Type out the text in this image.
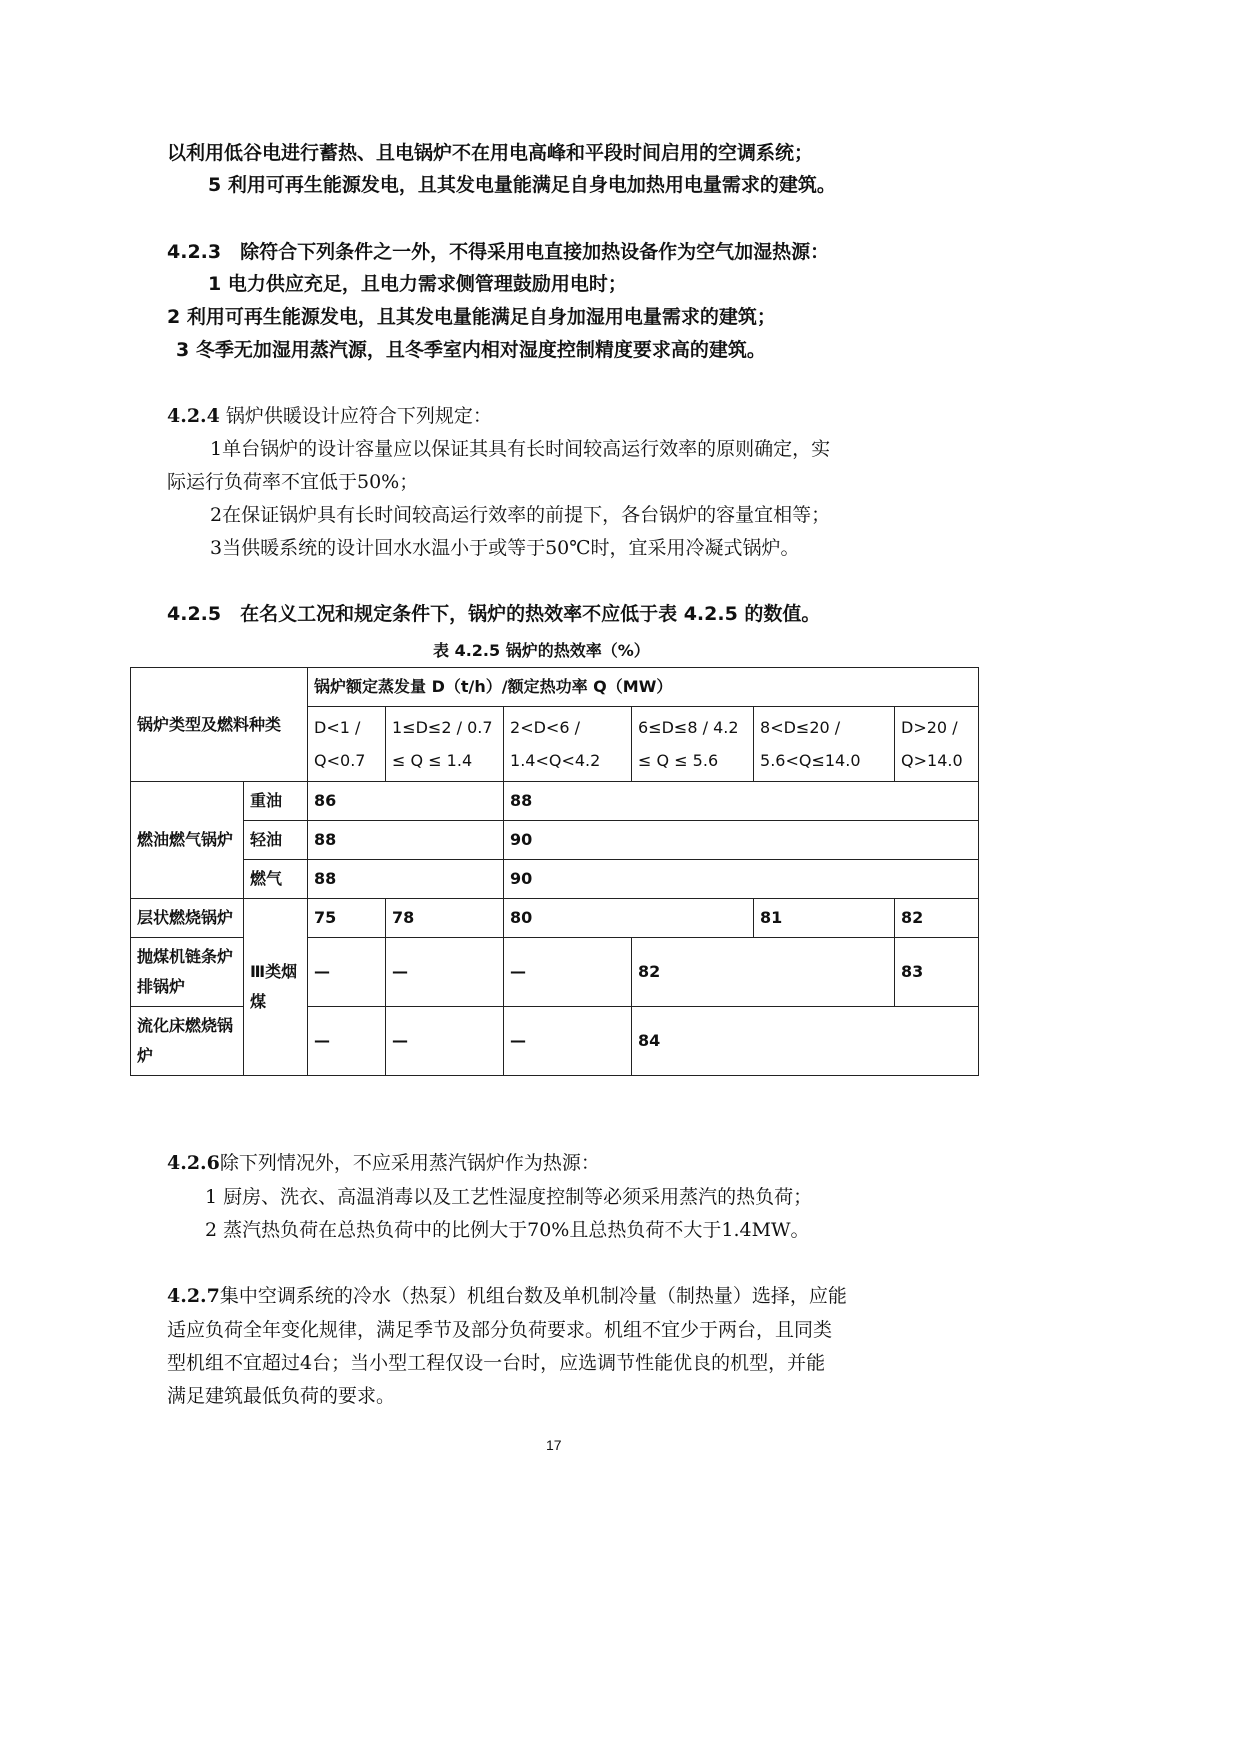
以利用低谷电进行蓄热、且电锅炉不在用电高峰和平段时间启用的空调系统；
5 利用可再生能源发电，且其发电量能满足自身电加热用电量需求的建筑。
4.2.3　除符合下列条件之一外，不得采用电直接加热设备作为空气加湿热源：
1 电力供应充足，且电力需求侧管理鼓励用电时；
2 利用可再生能源发电，且其发电量能满足自身加湿用电量需求的建筑；
3 冬季无加湿用蒸汽源，且冬季室内相对湿度控制精度要求高的建筑。
4.2.4 锅炉供暖设计应符合下列规定：
1单台锅炉的设计容量应以保证其具有长时间较高运行效率的原则确定，实
际运行负荷率不宜低于50%；
2在保证锅炉具有长时间较高运行效率的前提下，各台锅炉的容量宜相等；
3当供暖系统的设计回水水温小于或等于50℃时，宜采用冷凝式锅炉。
4.2.5　在名义工况和规定条件下，锅炉的热效率不应低于表 4.2.5 的数值。
表 4.2.5 锅炉的热效率（%）
锅炉类型及燃料种类		锅炉额定蒸发量 D（t/h）/额定热功率 Q（MW）					
		D<1 / Q<0.7	1≤D≤2 / 0.7 ≤ Q ≤ 1.4	2<D<6 / 1.4<Q<4.2	6≤D≤8 / 4.2 ≤ Q ≤ 5.6	8<D≤20 / 5.6<Q≤14.0	D>20 / Q>14.0
燃油燃气锅炉	重油	86		88			
	轻油	88		90			
	燃气	88		90			
层状燃烧锅炉	Ⅲ类烟煤	75	78	80		81	82
抛煤机链条炉排锅炉		—	—	—	82		83
流化床燃烧锅炉		—	—	—	84		
4.2.6除下列情况外，不应采用蒸汽锅炉作为热源：
1 厨房、洗衣、高温消毒以及工艺性湿度控制等必须采用蒸汽的热负荷；
2 蒸汽热负荷在总热负荷中的比例大于70%且总热负荷不大于1.4MW。
4.2.7集中空调系统的冷水（热泵）机组台数及单机制冷量（制热量）选择，应能
适应负荷全年变化规律，满足季节及部分负荷要求。机组不宜少于两台，且同类
型机组不宜超过4台；当小型工程仅设一台时，应选调节性能优良的机型，并能
满足建筑最低负荷的要求。
17
